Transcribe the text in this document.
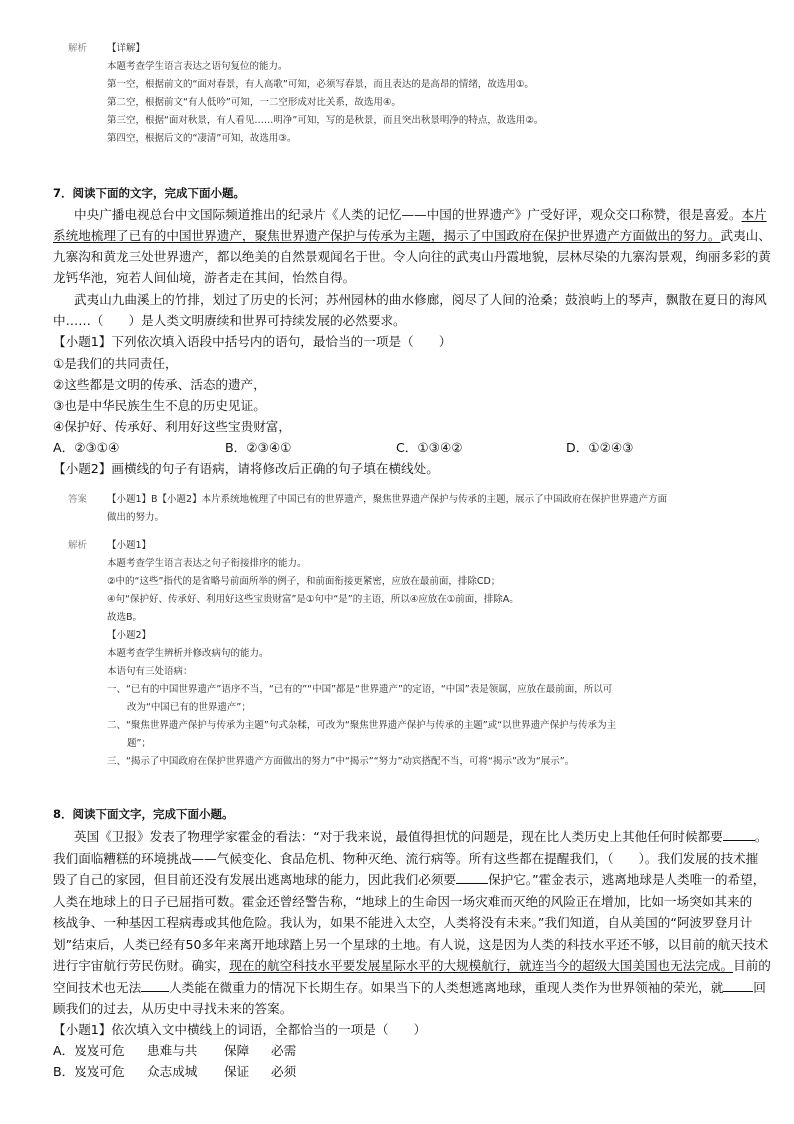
解析 【详解】
本题考查学生语言表达之语句复位的能力。
第一空，根据前文的“面对春景，有人高歌”可知，必须写春景，而且表达的是高昂的情绪，故选用①。
第二空，根据前文“有人低吟”可知，一二空形成对比关系，故选用④。
第三空，根据“面对秋景，有人看见……明净”可知，写的是秋景，而且突出秋景明净的特点，故选用②。
第四空，根据后文的“凄清”可知，故选用③。
7．阅读下面的文字，完成下面小题。
中央广播电视总台中文国际频道推出的纪录片《人类的记忆——中国的世界遗产》广受好评，观众交口称赞，很是喜爱。本片
系统地梳理了已有的中国世界遗产，聚焦世界遗产保护与传承为主题，揭示了中国政府在保护世界遗产方面做出的努力。武夷山、
九寨沟和黄龙三处世界遗产，都以绝美的自然景观闻名于世。令人向往的武夷山丹霞地貌，层林尽染的九寨沟景观，绚丽多彩的黄
龙钙华池，宛若人间仙境，游者走在其间，怡然自得。
武夷山九曲溪上的竹排，划过了历史的长河；苏州园林的曲水修廊，阅尽了人间的沧桑；鼓浪屿上的琴声，飘散在夏日的海风
中……（　　）是人类文明赓续和世界可持续发展的必然要求。
【小题1】下列依次填入语段中括号内的语句，最恰当的一项是（　　）
①是我们的共同责任，
②这些都是文明的传承、活态的遗产，
③也是中华民族生生不息的历史见证。
④保护好、传承好、利用好这些宝贵财富，
A．②③①④	B．②③④①	C．①③④②	D．①②④③
【小题2】画横线的句子有语病，请将修改后正确的句子填在横线处。
答案 【小题1】B【小题2】本片系统地梳理了中国已有的世界遗产，聚焦世界遗产保护与传承的主题，展示了中国政府在保护世界遗产方面
做出的努力。
解析 【小题1】
本题考查学生语言表达之句子衔接排序的能力。
②中的“这些”指代的是省略号前面所举的例子，和前面衔接更紧密，应放在最前面，排除CD；
④句“保护好、传承好、利用好这些宝贵财富”是①句中“是”的主语，所以④应放在①前面，排除A。
故选B。
【小题2】
本题考查学生辨析并修改病句的能力。
本语句有三处语病：
一、“已有的中国世界遗产”语序不当，“已有的”“中国”都是“世界遗产”的定语，“中国”表是领属，应放在最前面，所以可
改为“中国已有的世界遗产”；
二、“聚焦世界遗产保护与传承为主题”句式杂糅，可改为“聚焦世界遗产保护与传承的主题”或“以世界遗产保护与传承为主
题”；
三、“揭示了中国政府在保护世界遗产方面做出的努力”中“揭示”“努力”动宾搭配不当，可将“揭示”改为“展示”。
8．阅读下面文字，完成下面小题。
英国《卫报》发表了物理学家霍金的看法：“对于我来说，最值得担忧的问题是，现在比人类历史上其他任何时候都要	。
我们面临糟糕的环境挑战——气候变化、食品危机、物种灭绝、流行病等。所有这些都在提醒我们，（　　）。我们发展的技术摧
毁了自己的家园，但目前还没有发展出逃离地球的能力，因此我们必须要	保护它。”霍金表示，逃离地球是人类唯一的希望，
人类在地球上的日子已屈指可数。霍金还曾经警告称，“地球上的生命因一场灾难而灭绝的风险正在增加，比如一场突如其来的
核战争、一种基因工程病毒或其他危险。我认为，如果不能进入太空，人类将没有未来。”我们知道，自从美国的“阿波罗登月计
划”结束后，人类已经有50多年来离开地球踏上另一个星球的土地。有人说，这是因为人类的科技水平还不够，以目前的航天技术
进行宇宙航行劳民伤财。确实，现在的航空科技水平要发展星际水平的大规模航行，就连当今的超级大国美国也无法完成。目前的
空间技术也无法 人类能在微重力的情况下长期生存。如果当下的人类想逃离地球，重现人类作为世界领袖的荣光，就 回
顾我们的过去，从历史中寻找未来的答案。
【小题1】依次填入文中横线上的词语，全都恰当的一项是（　　）
A．岌岌可危 患难与共 保障 必需
B．岌岌可危 众志成城 保证 必须
